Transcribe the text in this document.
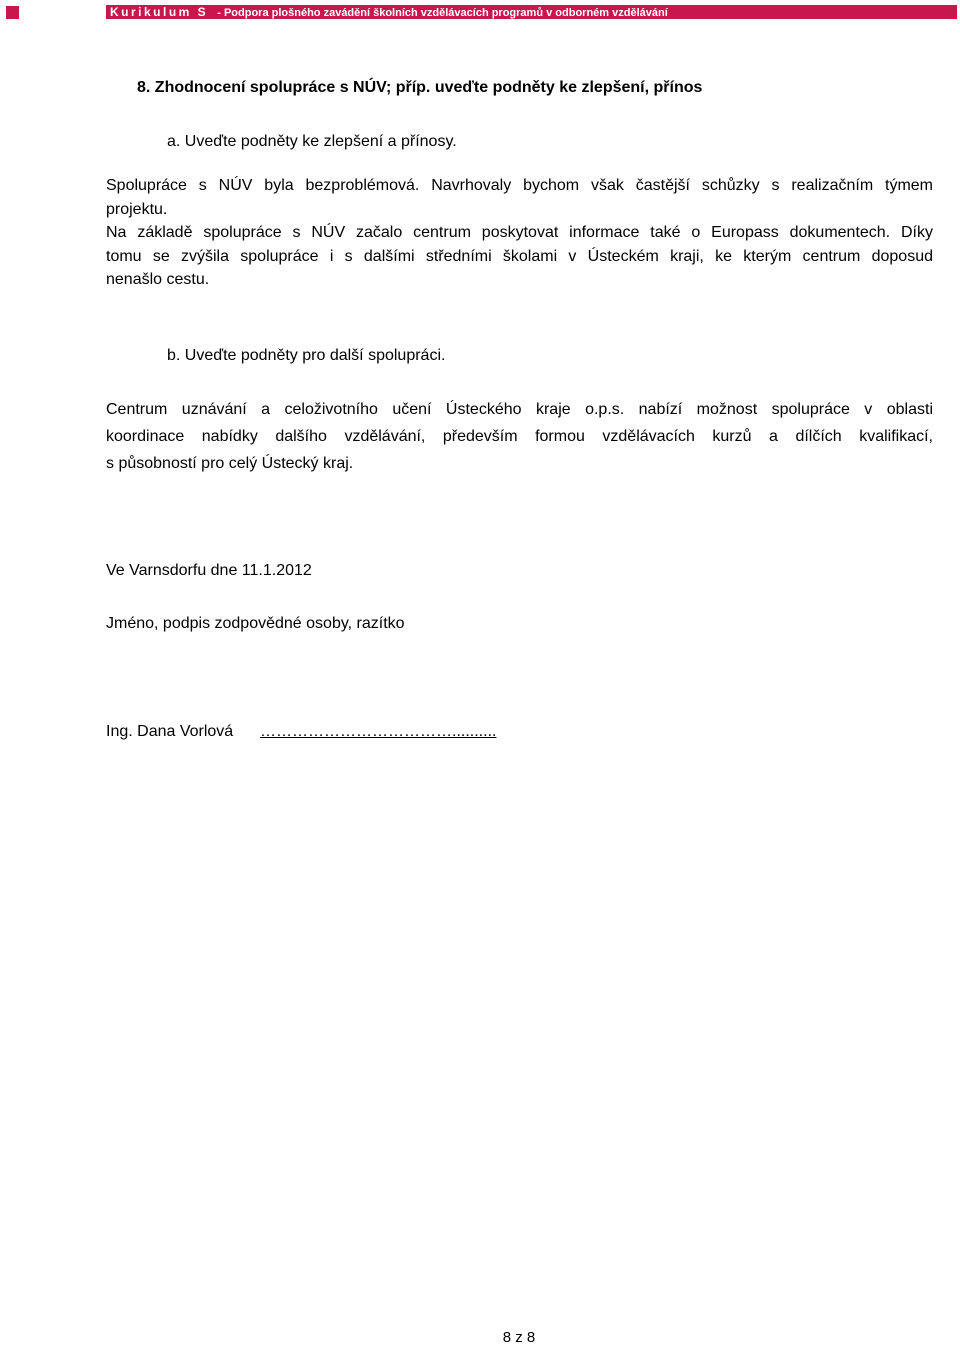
Kurikulum S - Podpora plošného zavádění školních vzdělávacích programů v odborném vzdělávání
8. Zhodnocení spolupráce s NÚV; příp. uveďte podněty ke zlepšení, přínos
a. Uveďte podněty ke zlepšení a přínosy.
Spolupráce s NÚV byla bezproblémová. Navrhovaly bychom však častější schůzky s realizačním týmem
projektu.
Na základě spolupráce s NÚV začalo centrum poskytovat informace také o Europass dokumentech. Díky
tomu se zvýšila spolupráce i s dalšími středními školami v Ústeckém kraji, ke kterým centrum doposud
nenašlo cestu.
b. Uveďte podněty pro další spolupráci.
Centrum uznávání a celoživotního učení Ústeckého kraje o.p.s. nabízí možnost spolupráce v oblasti
koordinace nabídky dalšího vzdělávání, především formou vzdělávacích kurzů a dílčích kvalifikací,
s působností pro celý Ústecký kraj.
Ve Varnsdorfu dne 11.1.2012
Jméno, podpis zodpovědné osoby, razítko
Ing. Dana Vorlová ………………………………..........
8 z 8
